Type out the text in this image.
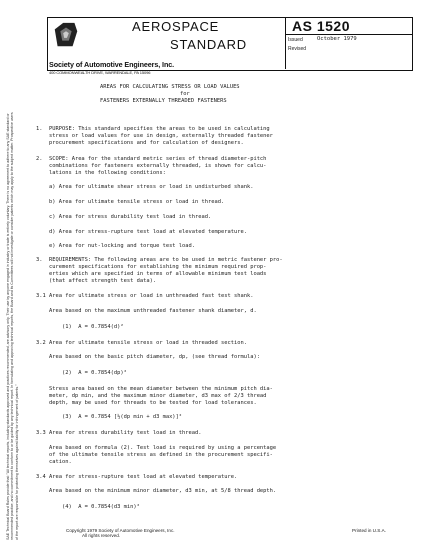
Society of Automotive Engineers, Inc.
400 COMMONWEALTH DRIVE, WARRENDALE, PA 15096
AEROSPACE
STANDARD
AS 1520
Issued
Revised
October 1979
SAE Technical Board Rules provide that: "All technical reports, including standards approved and practices recommended, are advisory only. Their use by anyone engaged in industry or trade is entirely voluntary. There is no agreement to adhere to any SAE standard or recommended practice, and no commitment to conform to or be guided by any technical report. In formulating and approving technical reports, the Board and its Committees will not investigate or consider patents which may apply to the subject matter. Prospective users of the report are responsible for protecting themselves against liability for infringement of patents."

AREAS FOR CALCULATING STRESS OR LOAD VALUES

for

FASTENERS EXTERNALLY THREADED FASTENERS

1.  PURPOSE: This standard specifies the areas to be used in calculating

stress or load values for use in design, externally threaded fastener

procurement specifications and for calculation of designers.

2.  SCOPE: Area for the standard metric series of thread diameter-pitch

combinations for fasteners externally threaded, is shown for calcu-

lations in the following conditions:

a) Area for ultimate shear stress or load in undisturbed shank.

b) Area for ultimate tensile stress or load in thread.

c) Area for stress durability test load in thread.

d) Area for stress-rupture test load at elevated temperature.

e) Area for nut-locking and torque test load.

3.  REQUIREMENTS: The following areas are to be used in metric fastener pro-

curement specifications for establishing the minimum required prop-

erties which are specified in terms of allowable minimum test loads

(that affect strength test data).

3.1 Area for ultimate stress or load in unthreaded fast test shank.

Area based on the maximum unthreaded fastener shank diameter, d.

(1)  A = 0.7854(d)²

3.2 Area for ultimate tensile stress or load in threaded section.

Area based on the basic pitch diameter, dp, (see thread formula):

(2)  A = 0.7854(dp)²

Stress area based on the mean diameter between the minimum pitch dia-

meter, dp min, and the maximum minor diameter, d3 max of 2/3 thread

depth, may be used for threads to be tested for load tolerances.

(3)  A = 0.7854 [½(dp min + d3 max)]²

3.3 Area for stress durability test load in thread.

Area based on formula (2). Test load is required by using a percentage

of the ultimate tensile stress as defined in the procurement specifi-

cation.

3.4 Area for stress-rupture test load at elevated temperature.

Area based on the minimum minor diameter, d3 min, at 5/8 thread depth.

(4)  A = 0.7854(d3 min)²

Copyright 1979 Society of Automotive Engineers, Inc.
All rights reserved.
Printed in U.S.A.
